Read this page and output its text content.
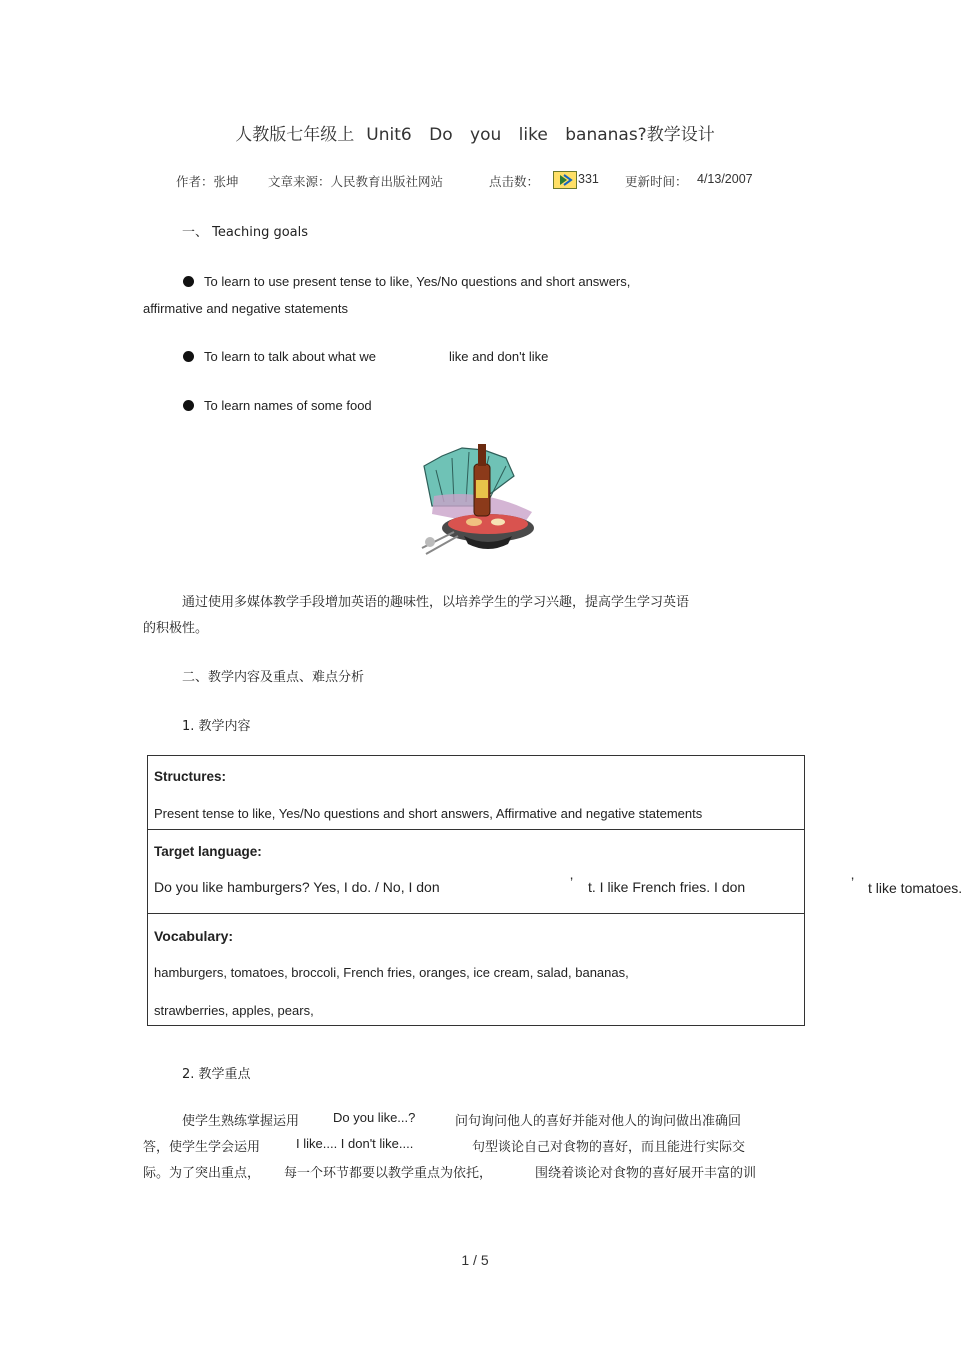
人教版七年级上 Unit6 Do you like bananas?教学设计
作者：张坤 文章来源：人民教育出版社网站	点击数：	331 更新时间： 4/13/2007
一、 Teaching goals
To learn to use present tense to like, Yes/No questions and short answers,
affirmative and negative statements
To learn to talk about what we	like and don't like
To learn names of some food
通过使用多媒体教学手段增加英语的趣味性，以培养学生的学习兴趣，提高学生学习英语
的积极性。
二、教学内容及重点、难点分析
1. 教学内容
Structures:
Present tense to like, Yes/No questions and short answers, Affirmative and negative statements

Target language:
Do you like hamburgers? Yes, I do. / No, I don	’ t. I like French fries. I don	’

Vocabulary:
hamburgers, tomatoes, broccoli, French fries, oranges, ice cream, salad, bananas,
strawberries, apples, pears,
t like tomatoes.
2. 教学重点
使学生熟练掌握运用	Do you like...?	问句询问他人的喜好并能对他人的询问做出准确回
答，使学生学会运用	I like.... I don't like....	句型谈论自己对食物的喜好，而且能进行实际交
际。为了突出重点， 每一个环节都要以教学重点为依托，	围绕着谈论对食物的喜好展开丰富的训
1 / 5
